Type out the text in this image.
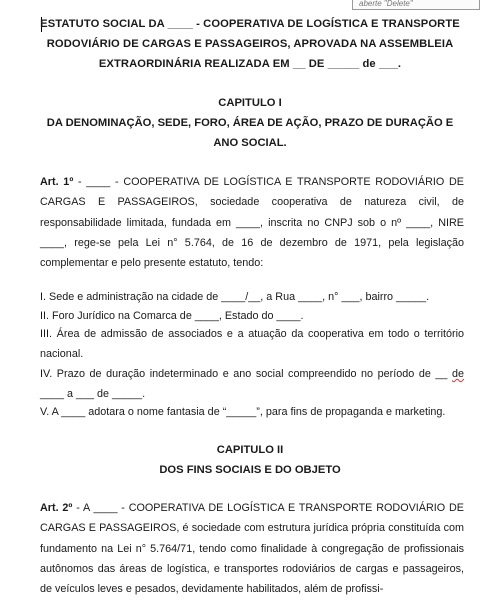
aberte "Delete"
ESTATUTO SOCIAL DA ____ - COOPERATIVA DE LOGÍSTICA E TRANSPORTE
RODOVIÁRIO DE CARGAS E PASSAGEIROS, APROVADA NA ASSEMBLEIA
EXTRAORDINÁRIA REALIZADA EM __ DE _____ de ___.
CAPITULO I
DA DENOMINAÇÃO, SEDE, FORO, ÁREA DE AÇÃO, PRAZO DE DURAÇÃO E
ANO SOCIAL.
Art. 1º - ____ - COOPERATIVA DE LOGÍSTICA E TRANSPORTE RODOVIÁRIO DE CARGAS E PASSAGEIROS, sociedade cooperativa de natureza civil, de responsabilidade limitada, fundada em ____, inscrita no CNPJ sob o nº ____, NIRE ____, rege-se pela Lei n° 5.764, de 16 de dezembro de 1971, pela legislação complementar e pelo presente estatuto, tendo:
I. Sede e administração na cidade de ____/__, a Rua ____, n° ___, bairro _____.
II. Foro Jurídico na Comarca de ____, Estado do ____.
III. Área de admissão de associados e a atuação da cooperativa em todo o território nacional.
IV. Prazo de duração indeterminado e ano social compreendido no período de __ de ____ a ___ de _____.
V. A ____ adotara o nome fantasia de “_____”, para fins de propaganda e marketing.
CAPITULO II
DOS FINS SOCIAIS E DO OBJETO
Art. 2º - A ____ - COOPERATIVA DE LOGÍSTICA E TRANSPORTE RODOVIÁRIO DE CARGAS E PASSAGEIROS, é sociedade com estrutura jurídica própria constituída com fundamento na Lei n° 5.764/71, tendo como finalidade à congregação de profissionais autônomos das áreas de logística, e transportes rodoviários de cargas e passageiros, de veículos leves e pesados, devidamente habilitados, além de profissi-
